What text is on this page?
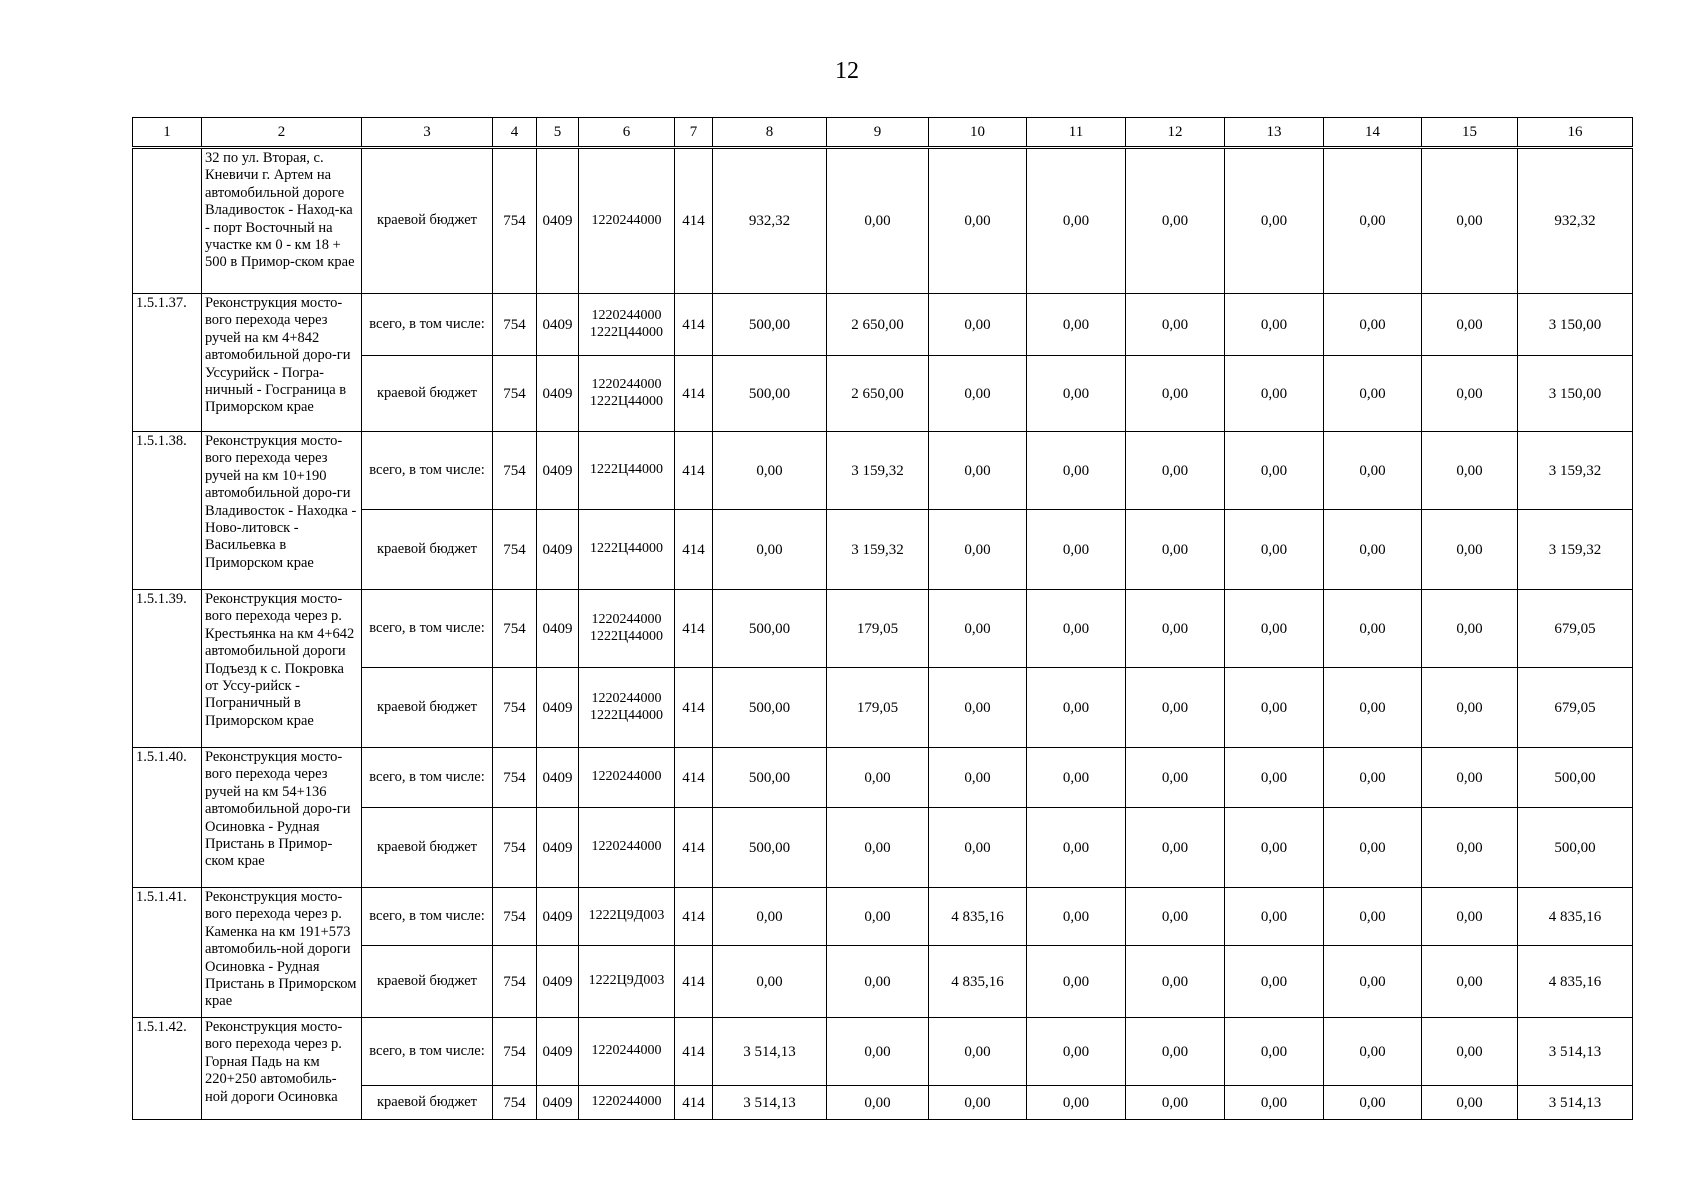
12
1	2	3	4	5	6	7	8	9	10	11	12	13	14	15	16
	32 по ул. Вторая, с. Кневичи г. Артем на автомобильной дороге Владивосток - Наход-ка - порт Восточный на участке км 0 - км 18 + 500 в Примор-ском крае	краевой бюджет	754	0409	1220244000	414	932,32	0,00	0,00	0,00	0,00	0,00	0,00	0,00	932,32
1.5.1.37.	Реконструкция мосто-вого перехода через ручей на км 4+842 автомобильной доро-ги Уссурийск - Погра-ничный - Госграница в Приморском крае	всего, в том числе:	754	0409	1220244000 1222Ц44000	414	500,00	2 650,00	0,00	0,00	0,00	0,00	0,00	0,00	3 150,00
		краевой бюджет	754	0409	1220244000 1222Ц44000	414	500,00	2 650,00	0,00	0,00	0,00	0,00	0,00	0,00	3 150,00
1.5.1.38.	Реконструкция мосто-вого перехода через ручей на км 10+190 автомобильной доро-ги Владивосток - Находка - Ново-литовск - Васильевка в Приморском крае	всего, в том числе:	754	0409	1222Ц44000	414	0,00	3 159,32	0,00	0,00	0,00	0,00	0,00	0,00	3 159,32
		краевой бюджет	754	0409	1222Ц44000	414	0,00	3 159,32	0,00	0,00	0,00	0,00	0,00	0,00	3 159,32
1.5.1.39.	Реконструкция мосто-вого перехода через р. Крестьянка на км 4+642 автомобильной дороги Подъезд к с. Покровка от Уссу-рийск - Пограничный в Приморском крае	всего, в том числе:	754	0409	1220244000 1222Ц44000	414	500,00	179,05	0,00	0,00	0,00	0,00	0,00	0,00	679,05
		краевой бюджет	754	0409	1220244000 1222Ц44000	414	500,00	179,05	0,00	0,00	0,00	0,00	0,00	0,00	679,05
1.5.1.40.	Реконструкция мосто-вого перехода через ручей на км 54+136 автомобильной доро-ги Осиновка - Рудная Пристань в Примор-ском крае	всего, в том числе:	754	0409	1220244000	414	500,00	0,00	0,00	0,00	0,00	0,00	0,00	0,00	500,00
		краевой бюджет	754	0409	1220244000	414	500,00	0,00	0,00	0,00	0,00	0,00	0,00	0,00	500,00
1.5.1.41.	Реконструкция мосто-вого перехода через р. Каменка на км 191+573 автомобиль-ной дороги Осиновка - Рудная Пристань в Приморском крае	всего, в том числе:	754	0409	1222Ц9Д003	414	0,00	0,00	4 835,16	0,00	0,00	0,00	0,00	0,00	4 835,16
		краевой бюджет	754	0409	1222Ц9Д003	414	0,00	0,00	4 835,16	0,00	0,00	0,00	0,00	0,00	4 835,16
1.5.1.42.	Реконструкция мосто-вого перехода через р. Горная Падь на км 220+250 автомобиль-ной дороги Осиновка	всего, в том числе:	754	0409	1220244000	414	3 514,13	0,00	0,00	0,00	0,00	0,00	0,00	0,00	3 514,13
		краевой бюджет	754	0409	1220244000	414	3 514,13	0,00	0,00	0,00	0,00	0,00	0,00	0,00	3 514,13
